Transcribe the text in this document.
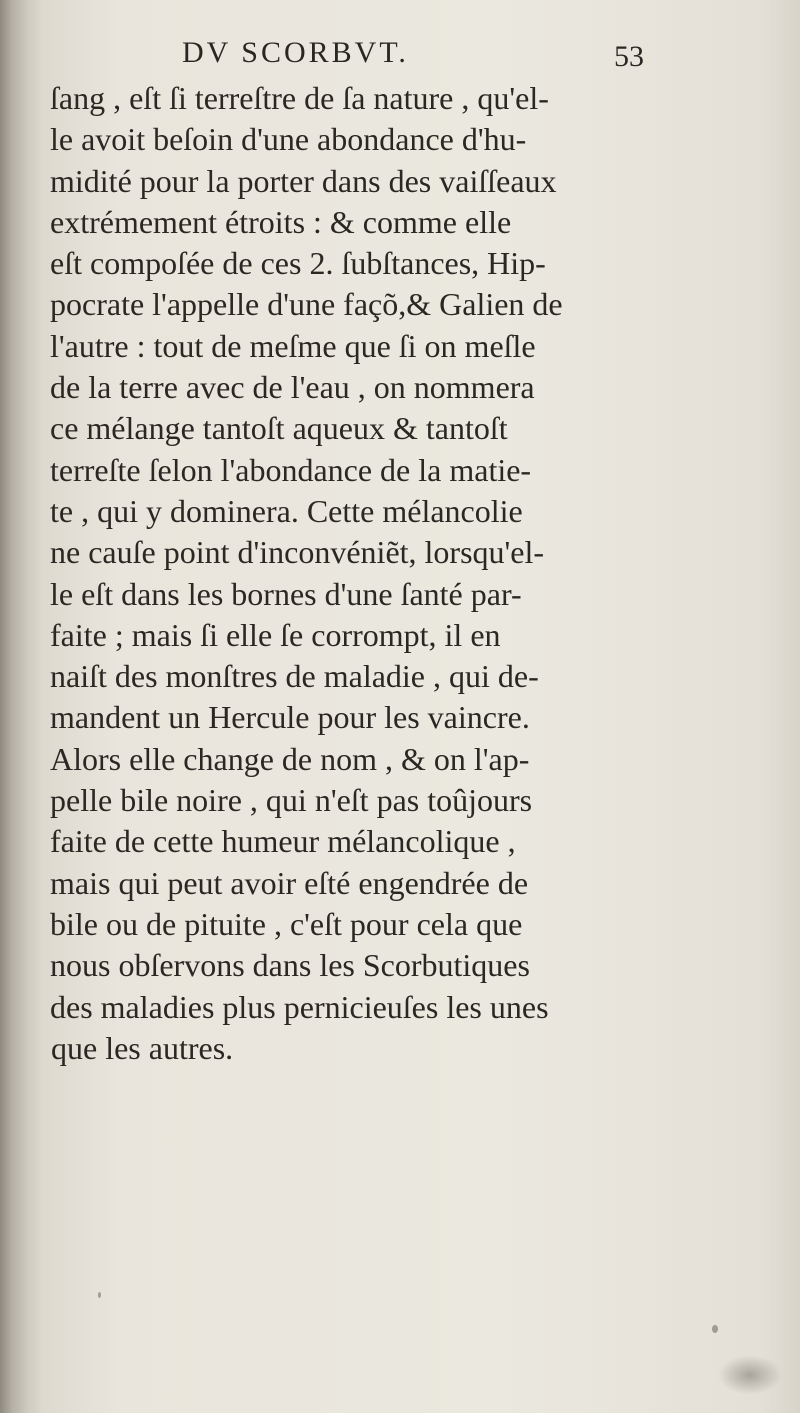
DV SCORBVT.	53
ſang , eſt ſi terreſtre de ſa nature , qu'el-
le avoit beſoin d'une abondance d'hu-
midité pour la porter dans des vaiſſeaux
extrémement étroits : & comme elle
eſt compoſée de ces 2. ſubſtances, Hip-
pocrate l'appelle d'une façõ,& Galien de
l'autre : tout de meſme que ſi on meſle
de la terre avec de l'eau , on nommera
ce mélange tantoſt aqueux & tantoſt
terreſte ſelon l'abondance de la matie-
te , qui y dominera. Cette mélancolie
ne cauſe point d'inconvéniẽt, lorsqu'el-
le eſt dans les bornes d'une ſanté par-
faite ; mais ſi elle ſe corrompt, il en
naiſt des monſtres de maladie , qui de-
mandent un Hercule pour les vaincre.
Alors elle change de nom , & on l'ap-
pelle bile noire , qui n'eſt pas toûjours
faite de cette humeur mélancolique ,
mais qui peut avoir eſté engendrée de
bile ou de pituite , c'eſt pour cela que
nous obſervons dans les Scorbutiques
des maladies plus pernicieuſes les unes
que les autres.
